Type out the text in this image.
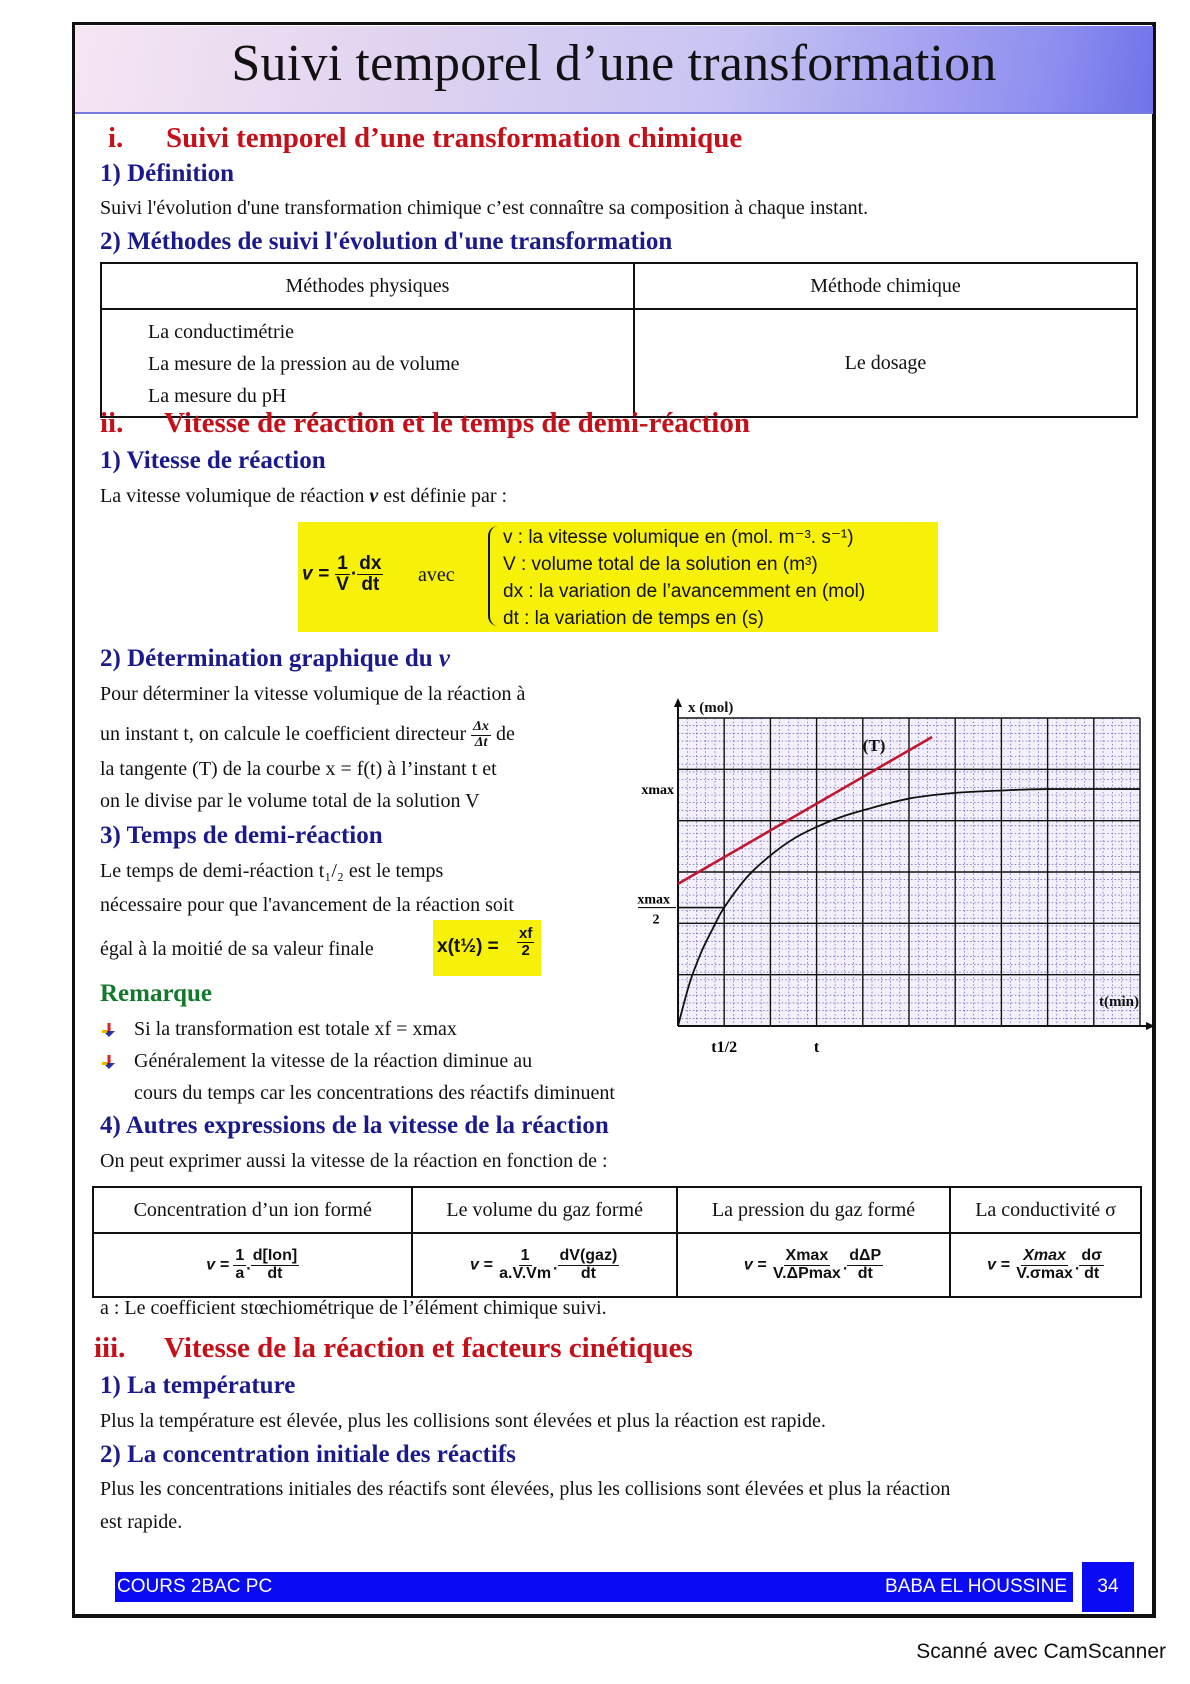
Suivi temporel d’une transformation
i. Suivi temporel d’une transformation chimique
1) Définition
Suivi l'évolution d'une transformation chimique c’est connaître sa composition à chaque instant.
2) Méthodes de suivi l'évolution d'une transformation
Méthodes physiques	Méthode chimique

La conductimétrie
La mesure de la pression au de volume
La mesure du pH	Le dosage
ii. Vitesse de réaction et le temps de demi-réaction
1) Vitesse de réaction
La vitesse volumique de réaction v est définie par :
$v = \frac{1}{V} \cdot \frac{dx}{dt}$ avec
v : la vitesse volumique en (mol. m⁻³. s⁻¹)
V : volume total de la solution en (m³)
dx : la variation de l’avancemment en (mol)
dt : la variation de temps en (s)
2) Détermination graphique du v
Pour déterminer la vitesse volumique de la réaction à
un instant t, on calcule le coefficient directeur $\frac{\Delta x}{\Delta t}$ de
la tangente (T) de la courbe x = f(t) à l’instant t et
on le divise par le volume total de la solution V
3) Temps de demi-réaction
Le temps de demi-réaction t₁/₂ est le temps
nécessaire pour que l'avancement de la réaction soit
égal à la moitié de sa valeur finale	x(t½) = $\frac{xf}{2}$
Remarque
Si la transformation est totale xf = xmax
Généralement la vitesse de la réaction diminue au
cours du temps car les concentrations des réactifs diminuent
x (mol)
t(min)
xmax
xmax
2
t1/2	t
(T)
4) Autres expressions de la vitesse de la réaction
On peut exprimer aussi la vitesse de la réaction en fonction de :
Concentration d’un ion formé	Le volume du gaz formé	La pression du gaz formé	La conductivité σ
$v = \frac{1}{a}$ . $\frac{\text{d[Ion]}}{dt}$	$v = \frac{1}{a.V.Vm}$ . $\frac{\text{dV(gaz)}}{dt}$	$v = \frac{Xmax}{V.\Delta Pmax}$ . $\frac{\text{dΔP}}{dt}$	$v = \frac{Xmax}{V.\sigma\max}$ . $\frac{d\sigma}{dt}$
a : Le coefficient stœchiométrique de l’élément chimique suivi.
iii. Vitesse de la réaction et facteurs cinétiques
1) La température
Plus la température est élevée, plus les collisions sont élevées et plus la réaction est rapide.
2) La concentration initiale des réactifs
Plus les concentrations initiales des réactifs sont élevées, plus les collisions sont élevées et plus la réaction
est rapide.
COURS 2BAC PC	BABA EL HOUSSINE	34
Scanné avec CamScanner
